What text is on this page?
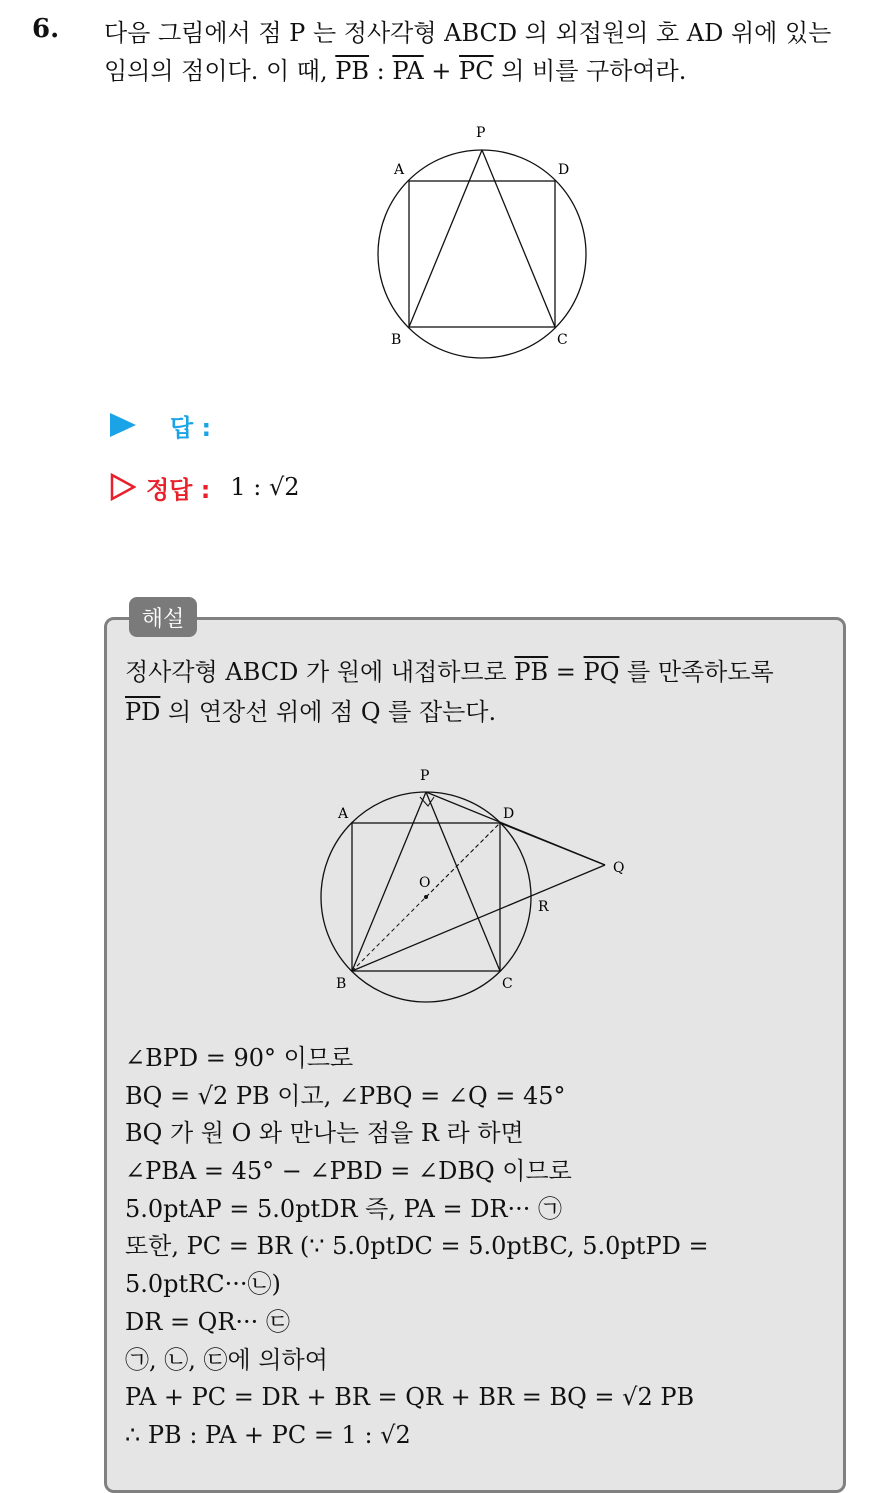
6. 다음 그림에서 점 P 는 정사각형 ABCD 의 외접원의 호 AD 위에 있는
임의의 점이다. 이 때, $\overline{PB}$ : $\overline{PA} + \overline{PC}$ 의 비를 구하여라.
P
A	D
B	C
답 :
정답 : 1 : √2
해설
정사각형 ABCD 가 원에 내접하므로 $\overline{PB} = \overline{PQ}$ 를 만족하도록
$\overline{PD}$ 의 연장선 위에 점 Q 를 잡는다.
P
A	D
O
Q
R
B	C
∠BPD = 90° 이므로
BQ = √2 PB 이고, ∠PBQ = ∠Q = 45°
BQ 가 원 O 와 만나는 점을 R 라 하면
∠PBA = 45° − ∠PBD = ∠DBQ 이므로
5.0ptAP = 5.0ptDR 즉, PA = DR··· ㉠
또한, PC = BR (∵ 5.0ptDC = 5.0ptBC, 5.0ptPD =
5.0ptRC···㉡)
DR = QR··· ㉢
㉠, ㉡, ㉢에 의하여
PA + PC = DR + BR = QR + BR = BQ = √2 PB
∴ PB : PA + PC = 1 : √2
